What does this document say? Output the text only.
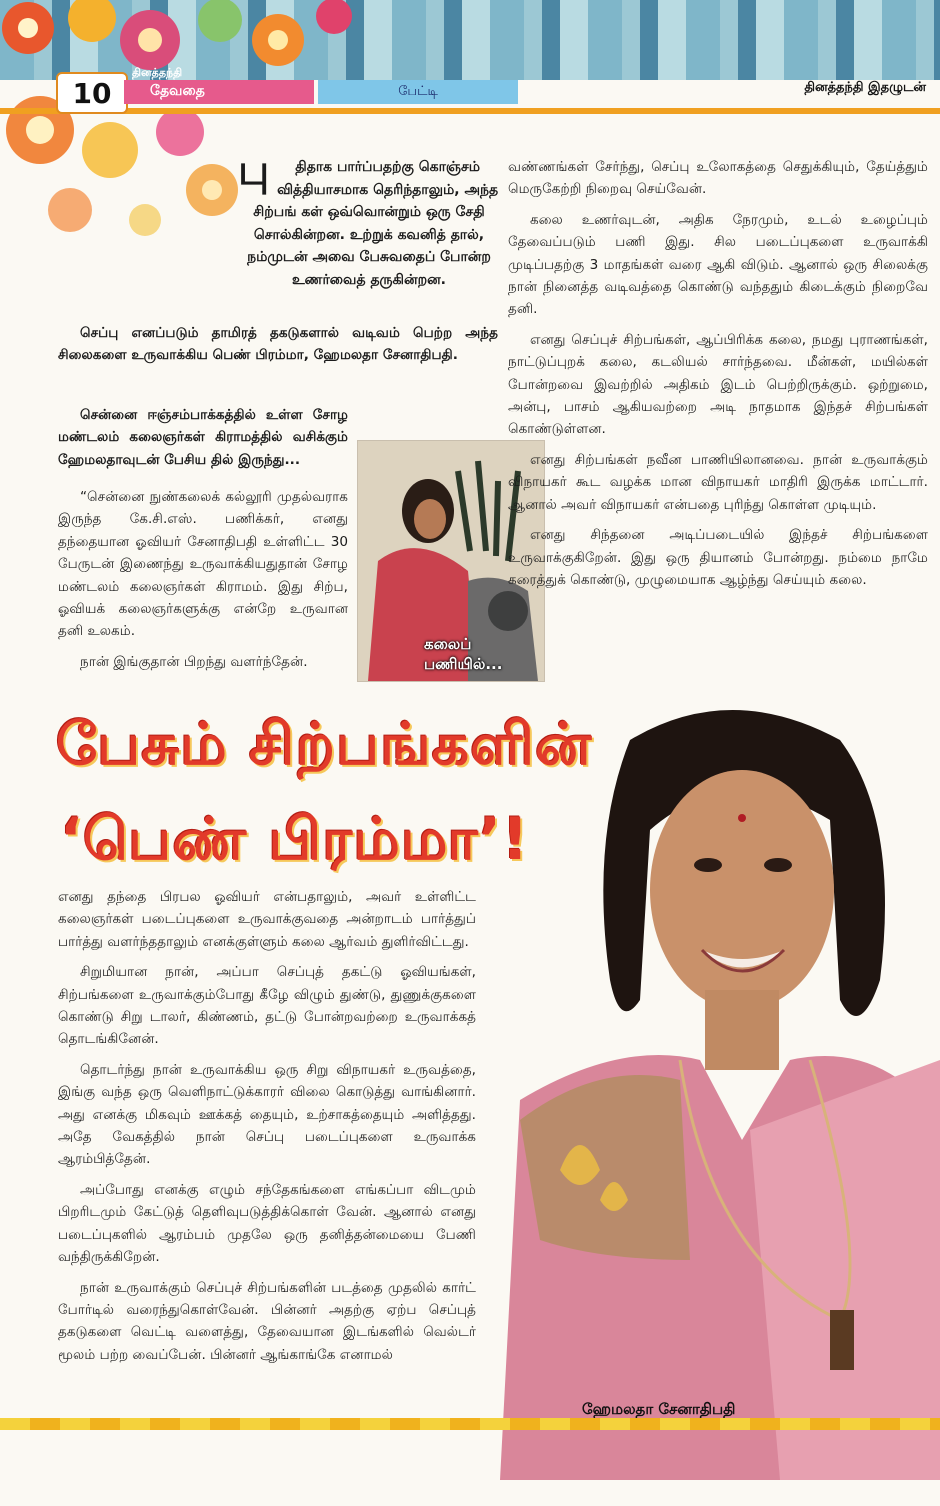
10
தினத்தந்தி
தேவதை	பேட்டி	தினத்தந்தி இதழுடன்
பு திதாக பார்ப்பதற்கு கொஞ்சம் வித்தியாசமாக தெரிந்தாலும், அந்த சிற்பங் கள் ஒவ்வொன்றும் ஒரு சேதி சொல்கின்றன. உற்றுக் கவனித் தால், நம்முடன் அவை பேசுவதைப் போன்ற உணர்வைத் தருகின்றன.

செப்பு எனப்படும் தாமிரத் தகடுகளால் வடிவம் பெற்ற அந்த சிலைகளை உருவாக்கிய பெண் பிரம்மா, ஹேமலதா சேனாதிபதி.

சென்னை ஈஞ்சம்பாக்கத்தில் உள்ள சோழ மண்டலம் கலைஞர்கள் கிராமத்தில் வசிக்கும் ஹேமலதாவுடன் பேசிய தில் இருந்து...

“சென்னை நுண்கலைக் கல்லூரி முதல்வராக இருந்த கே.சி.எஸ். பணிக்கர், எனது தந்தையான ஓவியர் சேனாதிபதி உள்ளிட்ட 30 பேருடன் இணைந்து உருவாக்கியதுதான் சோழ மண்டலம் கலைஞர்கள் கிராமம். இது சிற்ப, ஓவியக் கலைஞர்களுக்கு என்றே உருவான தனி உலகம்.

நான் இங்குதான் பிறந்து வளர்ந்தேன்.

கலைப் பணியில்...

வண்ணங்கள் சேர்ந்து, செப்பு உலோகத்தை செதுக்கியும், தேய்த்தும் மெருகேற்றி நிறைவு செய்வேன்.

கலை உணர்வுடன், அதிக நேரமும், உடல் உழைப்பும் தேவைப்படும் பணி இது. சில படைப்புகளை உருவாக்கி முடிப்பதற்கு 3 மாதங்கள் வரை ஆகி விடும். ஆனால் ஒரு சிலைக்கு நான் நினைத்த வடிவத்தை கொண்டு வந்ததும் கிடைக்கும் நிறைவே தனி.

எனது செப்புச் சிற்பங்கள், ஆப்பிரிக்க கலை, நமது புராணங்கள், நாட்டுப்புறக் கலை, கடலியல் சார்ந்தவை. மீன்கள், மயில்கள் போன்றவை இவற்றில் அதிகம் இடம் பெற்றிருக்கும். ஒற்றுமை, அன்பு, பாசம் ஆகியவற்றை அடி நாதமாக இந்தச் சிற்பங்கள் கொண்டுள்ளன.

எனது சிற்பங்கள் நவீன பாணியிலானவை. நான் உருவாக்கும் விநாயகர் கூட வழக்க மான விநாயகர் மாதிரி இருக்க மாட்டார். ஆனால் அவர் விநாயகர் என்பதை புரிந்து கொள்ள முடியும்.

எனது சிந்தனை அடிப்படையில் இந்தச் சிற்பங்களை உருவாக்குகிறேன். இது ஒரு தியானம் போன்றது. நம்மை நாமே கரைத்துக் கொண்டு, முழுமையாக ஆழ்ந்து செய்யும் கலை.

ஹேமலதா சேனாதிபதி
பேசும் சிற்பங்களின்
‘பெண் பிரம்மா’!

எனது தந்தை பிரபல ஓவியர் என்பதாலும், அவர் உள்ளிட்ட கலைஞர்கள் படைப்புகளை உருவாக்குவதை அன்றாடம் பார்த்துப் பார்த்து வளர்ந்ததாலும் எனக்குள்ளும் கலை ஆர்வம் துளிர்விட்டது.

சிறுமியான நான், அப்பா செப்புத் தகட்டு ஓவியங்கள், சிற்பங்களை உருவாக்கும்போது கீழே விழும் துண்டு, துணுக்குகளை கொண்டு சிறு டாலர், கிண்ணம், தட்டு போன்றவற்றை உருவாக்கத் தொடங்கினேன்.

தொடர்ந்து நான் உருவாக்கிய ஒரு சிறு விநாயகர் உருவத்தை, இங்கு வந்த ஒரு வெளிநாட்டுக்காரர் விலை கொடுத்து வாங்கினார். அது எனக்கு மிகவும் ஊக்கத் தையும், உற்சாகத்தையும் அளித்தது. அதே வேகத்தில் நான் செப்பு படைப்புகளை உருவாக்க ஆரம்பித்தேன்.

அப்போது எனக்கு எழும் சந்தேகங்களை எங்கப்பா விடமும் பிறரிடமும் கேட்டுத் தெளிவுபடுத்திக்கொள் வேன். ஆனால் எனது படைப்புகளில் ஆரம்பம் முதலே ஒரு தனித்தன்மையை பேணி வந்திருக்கிறேன்.

நான் உருவாக்கும் செப்புச் சிற்பங்களின் படத்தை முதலில் கார்ட் போர்டில் வரைந்துகொள்வேன். பின்னர் அதற்கு ஏற்ப செப்புத் தகடுகளை வெட்டி வளைத்து, தேவையான இடங்களில் வெல்டர் மூலம் பற்ற வைப்பேன். பின்னர் ஆங்காங்கே எனாமல்
